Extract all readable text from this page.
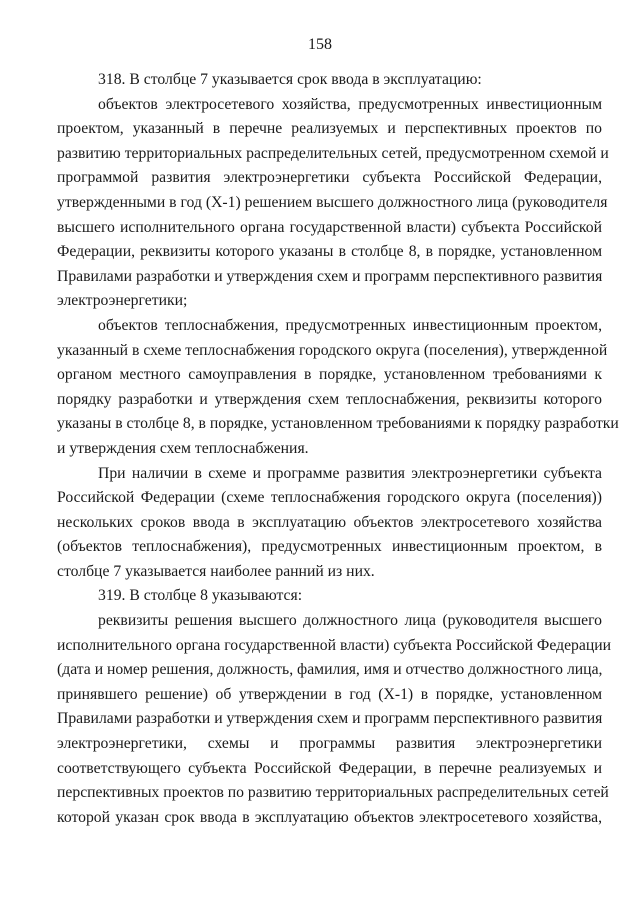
158
318. В столбце 7 указывается срок ввода в эксплуатацию:
объектов электросетевого хозяйства, предусмотренных инвестиционным
проектом, указанный в перечне реализуемых и перспективных проектов по
развитию территориальных распределительных сетей, предусмотренном схемой и
программой развития электроэнергетики субъекта Российской Федерации,
утвержденными в год (Х-1) решением высшего должностного лица (руководителя
высшего исполнительного органа государственной власти) субъекта Российской
Федерации, реквизиты которого указаны в столбце 8, в порядке, установленном
Правилами разработки и утверждения схем и программ перспективного развития
электроэнергетики;
объектов теплоснабжения, предусмотренных инвестиционным проектом,
указанный в схеме теплоснабжения городского округа (поселения), утвержденной
органом местного самоуправления в порядке, установленном требованиями к
порядку разработки и утверждения схем теплоснабжения, реквизиты которого
указаны в столбце 8, в порядке, установленном требованиями к порядку разработки
и утверждения схем теплоснабжения.
При наличии в схеме и программе развития электроэнергетики субъекта
Российской Федерации (схеме теплоснабжения городского округа (поселения))
нескольких сроков ввода в эксплуатацию объектов электросетевого хозяйства
(объектов теплоснабжения), предусмотренных инвестиционным проектом, в
столбце 7 указывается наиболее ранний из них.
319. В столбце 8 указываются:
реквизиты решения высшего должностного лица (руководителя высшего
исполнительного органа государственной власти) субъекта Российской Федерации
(дата и номер решения, должность, фамилия, имя и отчество должностного лица,
принявшего решение) об утверждении в год (Х-1) в порядке, установленном
Правилами разработки и утверждения схем и программ перспективного развития
электроэнергетики, схемы и программы развития электроэнергетики
соответствующего субъекта Российской Федерации, в перечне реализуемых и
перспективных проектов по развитию территориальных распределительных сетей
которой указан срок ввода в эксплуатацию объектов электросетевого хозяйства,
